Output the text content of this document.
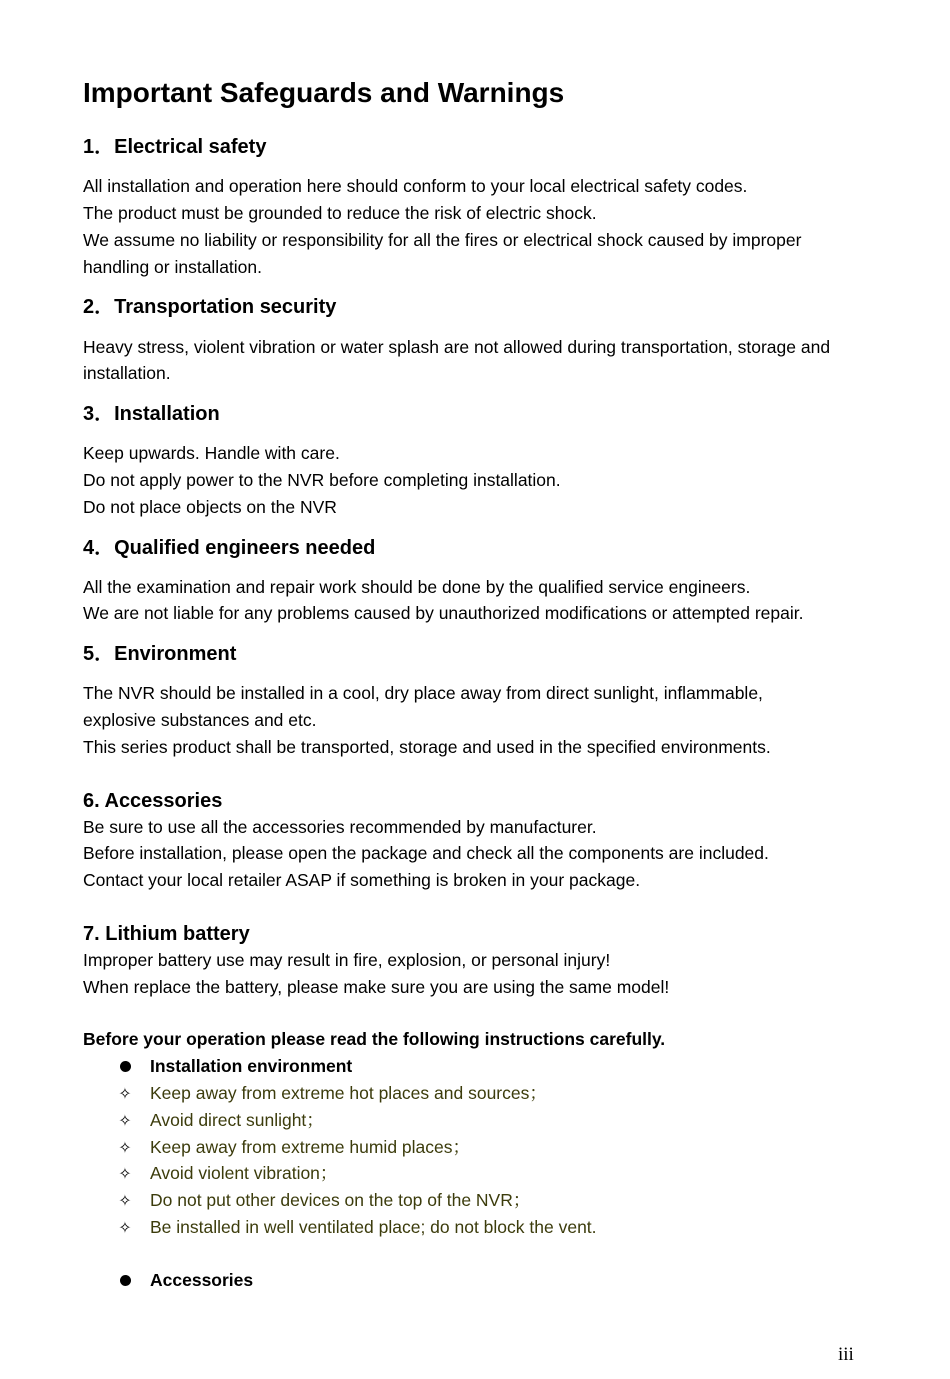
Important Safeguards and Warnings
1．Electrical safety
All installation and operation here should conform to your local electrical safety codes.
The product must be grounded to reduce the risk of electric shock.
We assume no liability or responsibility for all the fires or electrical shock caused by improper
handling or installation.
2．Transportation security
Heavy stress, violent vibration or water splash are not allowed during transportation, storage and
installation.
3．Installation
Keep upwards. Handle with care.
Do not apply power to the NVR before completing installation.
Do not place objects on the NVR
4．Qualified engineers needed
All the examination and repair work should be done by the qualified service engineers.
We are not liable for any problems caused by unauthorized modifications or attempted repair.
5．Environment
The NVR should be installed in a cool, dry place away from direct sunlight, inflammable,
explosive substances and etc.
This series product shall be transported, storage and used in the specified environments.
6. Accessories
Be sure to use all the accessories recommended by manufacturer.
Before installation, please open the package and check all the components are included.
Contact your local retailer ASAP if something is broken in your package.
7. Lithium battery
Improper battery use may result in fire, explosion, or personal injury!
When replace the battery, please make sure you are using the same model!
Before your operation please read the following instructions carefully.
Installation environment
✧ Keep away from extreme hot places and sources；
✧ Avoid direct sunlight；
✧ Keep away from extreme humid places；
✧ Avoid violent vibration；
✧ Do not put other devices on the top of the NVR；
✧ Be installed in well ventilated place; do not block the vent.
Accessories
iii
